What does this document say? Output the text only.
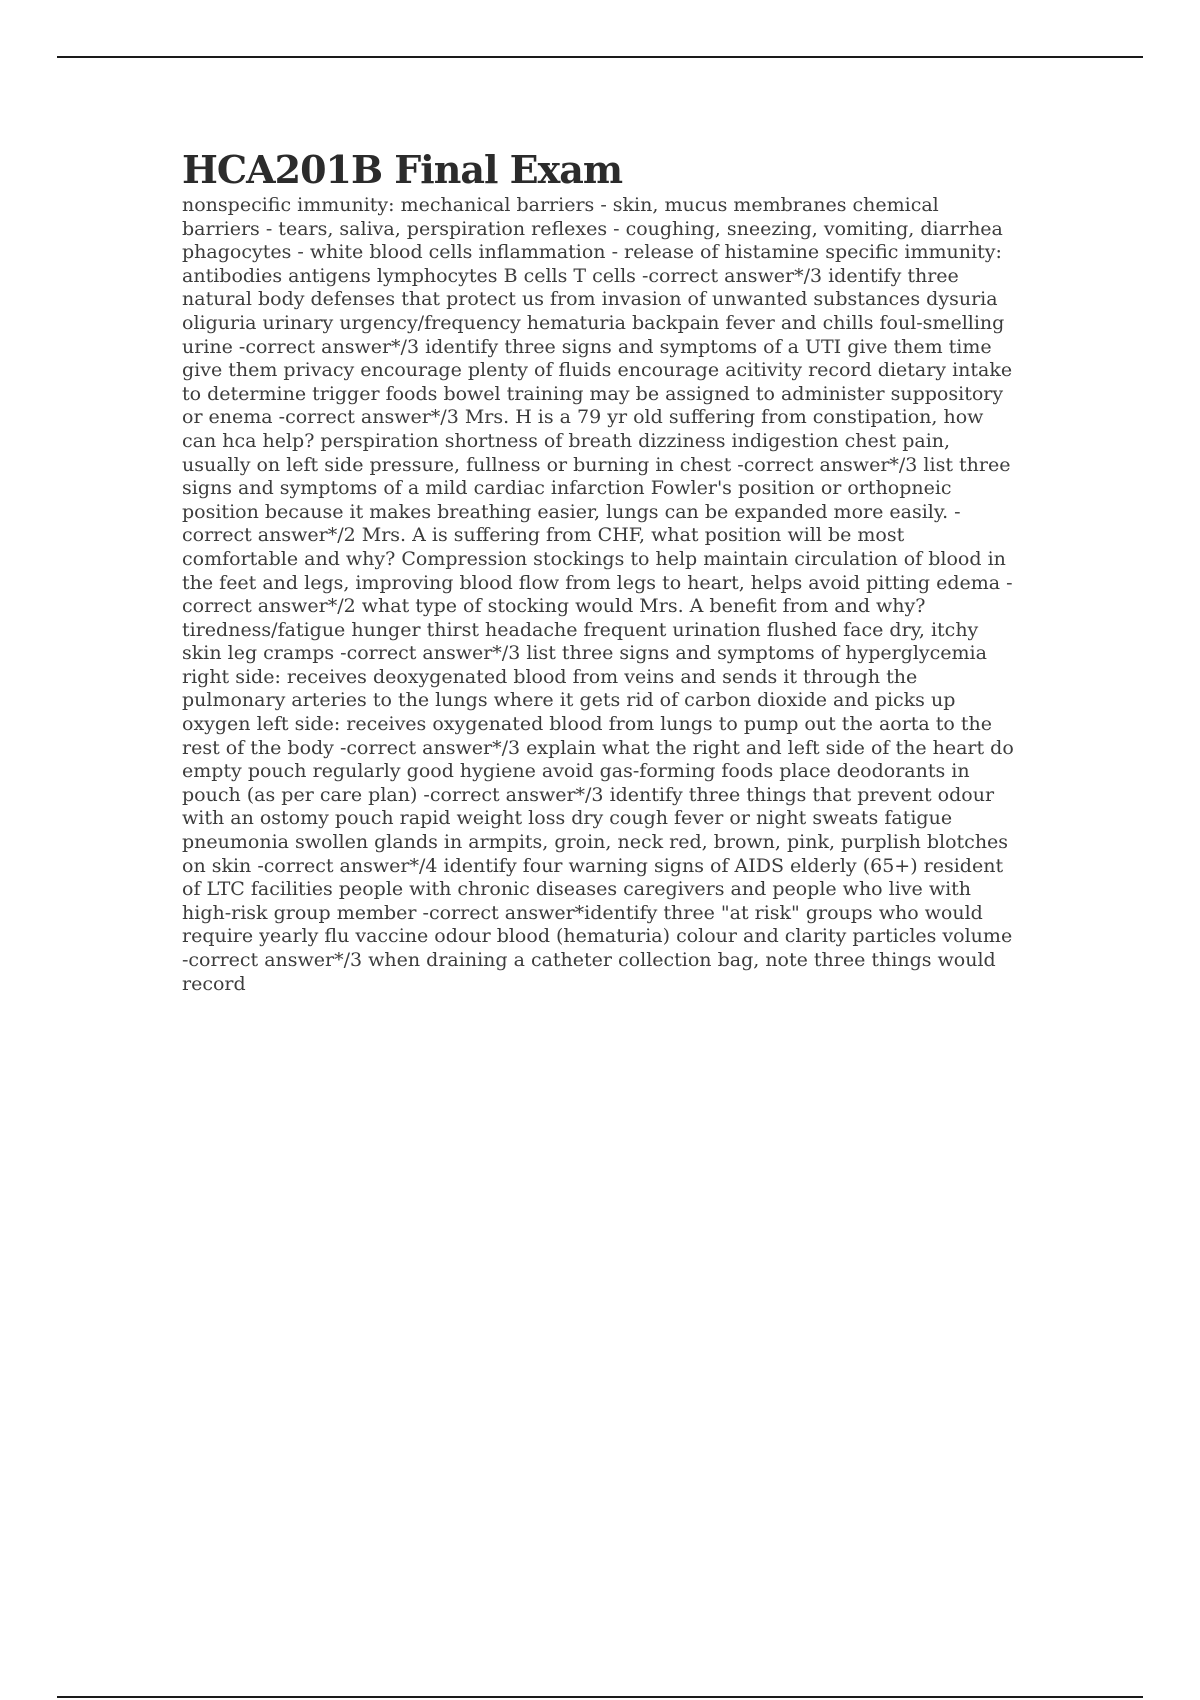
HCA201B Final Exam

nonspecific immunity: mechanical barriers - skin, mucus membranes chemical barriers - tears, saliva, perspiration reflexes - coughing, sneezing, vomiting, diarrhea phagocytes - white blood cells inflammation - release of histamine specific immunity: antibodies antigens lymphocytes B cells T cells -correct answer*/3 identify three natural body defenses that protect us from invasion of unwanted substances dysuria oliguria urinary urgency/frequency hematuria backpain fever and chills foul-smelling urine -correct answer*/3 identify three signs and symptoms of a UTI give them time give them privacy encourage plenty of fluids encourage acitivity record dietary intake to determine trigger foods bowel training may be assigned to administer suppository or enema -correct answer*/3 Mrs. H is a 79 yr old suffering from constipation, how can hca help? perspiration shortness of breath dizziness indigestion chest pain, usually on left side pressure, fullness or burning in chest -correct answer*/3 list three signs and symptoms of a mild cardiac infarction Fowler's position or orthopneic position because it makes breathing easier, lungs can be expanded more easily. -correct answer*/2 Mrs. A is suffering from CHF, what position will be most comfortable and why? Compression stockings to help maintain circulation of blood in the feet and legs, improving blood flow from legs to heart, helps avoid pitting edema -correct answer*/2 what type of stocking would Mrs. A benefit from and why? tiredness/fatigue hunger thirst headache frequent urination flushed face dry, itchy skin leg cramps -correct answer*/3 list three signs and symptoms of hyperglycemia right side: receives deoxygenated blood from veins and sends it through the pulmonary arteries to the lungs where it gets rid of carbon dioxide and picks up oxygen left side: receives oxygenated blood from lungs to pump out the aorta to the rest of the body -correct answer*/3 explain what the right and left side of the heart do empty pouch regularly good hygiene avoid gas-forming foods place deodorants in pouch (as per care plan) -correct answer*/3 identify three things that prevent odour with an ostomy pouch rapid weight loss dry cough fever or night sweats fatigue pneumonia swollen glands in armpits, groin, neck red, brown, pink, purplish blotches on skin -correct answer*/4 identify four warning signs of AIDS elderly (65+) resident of LTC facilities people with chronic diseases caregivers and people who live with high-risk group member -correct answer*identify three "at risk" groups who would require yearly flu vaccine odour blood (hematuria) colour and clarity particles volume -correct answer*/3 when draining a catheter collection bag, note three things would record
